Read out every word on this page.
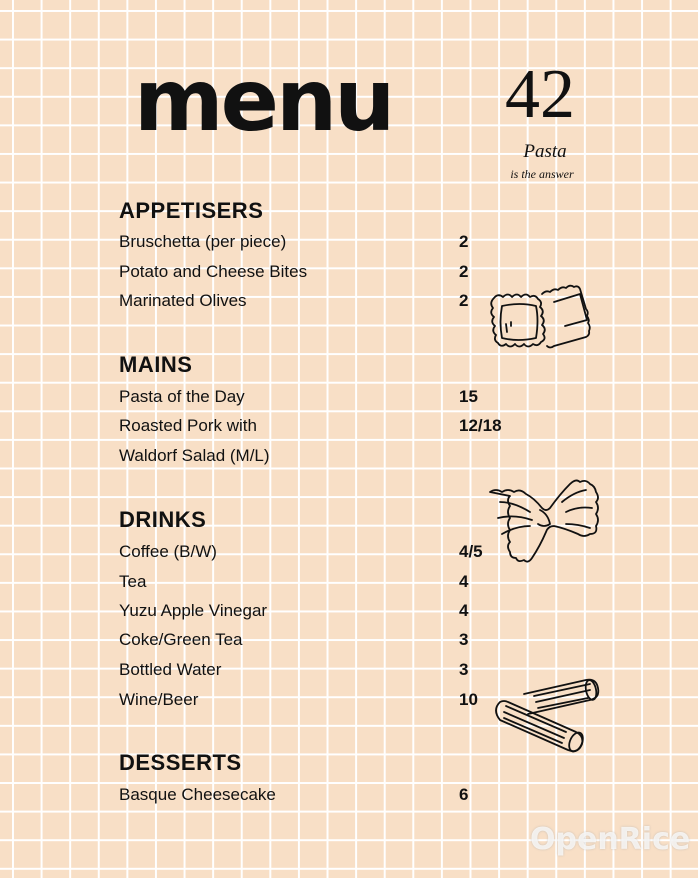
menu 42
Pasta
is the answer
APPETISERS
Bruschetta (per piece)	2
Potato and Cheese Bites	2
Marinated Olives	2
MAINS
Pasta of the Day	15
Roasted Pork with	12/18
Waldorf Salad (M/L)
DRINKS
Coffee (B/W)	4/5
Tea	4
Yuzu Apple Vinegar	4
Coke/Green Tea	3
Bottled Water	3
Wine/Beer	10
DESSERTS
Basque Cheesecake	6
OpenRice
